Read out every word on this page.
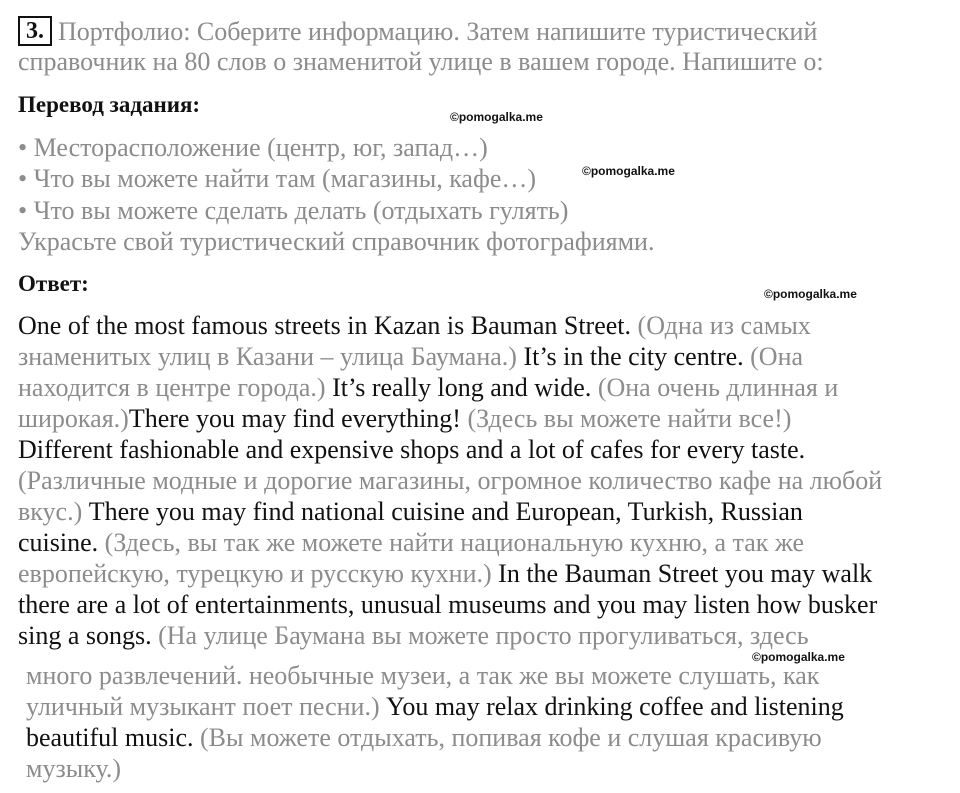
3. Портфолио: Соберите информацию. Затем напишите туристический
справочник на 80 слов о знаменитой улице в вашем городе. Напишите о:
Перевод задания:	©pomogalka.me
• Месторасположение (центр, юг, запад…)
• Что вы можете найти там (магазины, кафе…)	©pomogalka.me
• Что вы можете сделать делать (отдыхать гулять)
Украсьте свой туристический справочник фотографиями.
Ответ:	©pomogalka.me
One of the most famous streets in Kazan is Bauman Street. (Одна из самых
знаменитых улиц в Казани – улица Баумана.) It’s in the city centre. (Она
находится в центре города.) It’s really long and wide. (Она очень длинная и
широкая.)There you may find everything! (Здесь вы можете найти все!)
Different fashionable and expensive shops and a lot of cafes for every taste.
(Различные модные и дорогие магазины, огромное количество кафе на любой
вкус.) There you may find national cuisine and European, Turkish, Russian
cuisine. (Здесь, вы так же можете найти национальную кухню, а так же
европейскую, турецкую и русскую кухни.) In the Bauman Street you may walk
there are a lot of entertainments, unusual museums and you may listen how busker
sing a songs. (На улице Баумана вы можете просто прогуливаться, здесь
©pomogalka.me
много развлечений. необычные музеи, а так же вы можете слушать, как
уличный музыкант поет песни.) You may relax drinking coffee and listening
beautiful music. (Вы можете отдыхать, попивая кофе и слушая красивую
музыку.)
